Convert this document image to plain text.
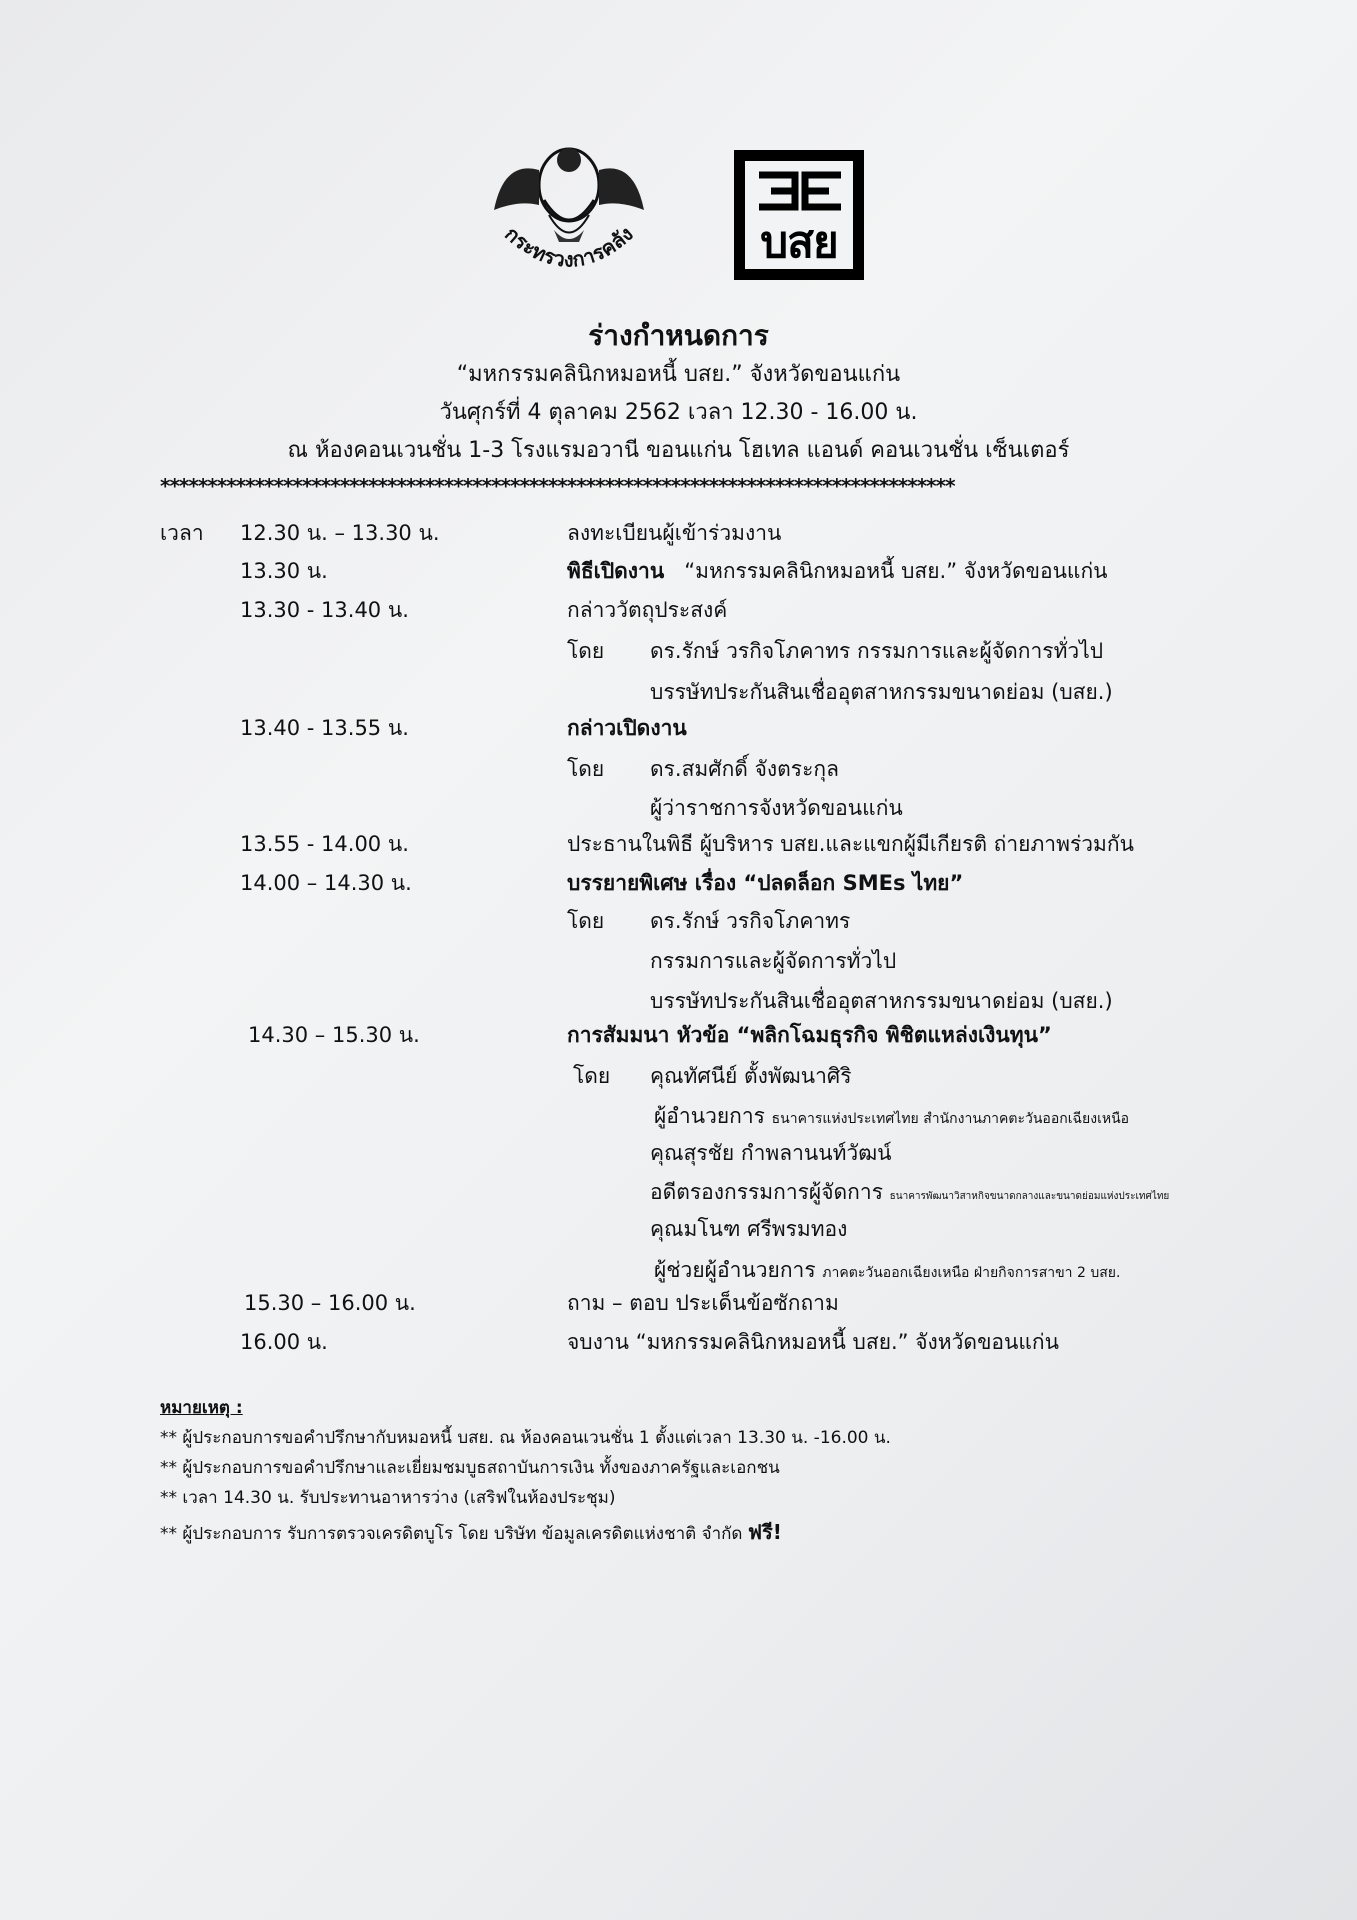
กระทรวงการคลัง	บสย
ร่างกำหนดการ
“มหกรรมคลินิกหมอหนี้ บสย.” จังหวัดขอนแก่น
วันศุกร์ที่ 4 ตุลาคม 2562 เวลา 12.30 - 16.00 น.
ณ ห้องคอนเวนชั่น 1-3 โรงแรมอวานี ขอนแก่น โฮเทล แอนด์ คอนเวนชั่น เซ็นเตอร์
************************************************************************************
เวลา 12.30 น. – 13.30 น.	ลงทะเบียนผู้เข้าร่วมงาน
13.30 น.	พิธีเปิดงาน “มหกรรมคลินิกหมอหนี้ บสย.” จังหวัดขอนแก่น
13.30 - 13.40 น.	กล่าววัตถุประสงค์
โดย ดร.รักษ์ วรกิจโภคาทร กรรมการและผู้จัดการทั่วไป
บรรษัทประกันสินเชื่ออุตสาหกรรมขนาดย่อม (บสย.)
13.40 - 13.55 น.	กล่าวเปิดงาน
โดย ดร.สมศักดิ์ จังตระกุล
ผู้ว่าราชการจังหวัดขอนแก่น
13.55 - 14.00 น.	ประธานในพิธี ผู้บริหาร บสย.และแขกผู้มีเกียรติ ถ่ายภาพร่วมกัน
14.00 – 14.30 น.	บรรยายพิเศษ เรื่อง “ปลดล็อก SMEs ไทย”
โดย ดร.รักษ์ วรกิจโภคาทร
กรรมการและผู้จัดการทั่วไป
บรรษัทประกันสินเชื่ออุตสาหกรรมขนาดย่อม (บสย.)
14.30 – 15.30 น.	การสัมมนา หัวข้อ “พลิกโฉมธุรกิจ พิชิตแหล่งเงินทุน”
โดย คุณทัศนีย์ ตั้งพัฒนาศิริ
ผู้อำนวยการ ธนาคารแห่งประเทศไทย สำนักงานภาคตะวันออกเฉียงเหนือ
คุณสุรชัย กำพลานนท์วัฒน์
อดีตรองกรรมการผู้จัดการ ธนาคารพัฒนาวิสาหกิจขนาดกลางและขนาดย่อมแห่งประเทศไทย
คุณมโนฑ ศรีพรมทอง
ผู้ช่วยผู้อำนวยการ ภาคตะวันออกเฉียงเหนือ ฝ่ายกิจการสาขา 2 บสย.
15.30 – 16.00 น.	ถาม – ตอบ ประเด็นข้อซักถาม
16.00 น.	จบงาน “มหกรรมคลินิกหมอหนี้ บสย.” จังหวัดขอนแก่น
หมายเหตุ :
** ผู้ประกอบการขอคำปรึกษากับหมอหนี้ บสย. ณ ห้องคอนเวนชั่น 1 ตั้งแต่เวลา 13.30 น. -16.00 น.
** ผู้ประกอบการขอคำปรึกษาและเยี่ยมชมบูธสถาบันการเงิน ทั้งของภาครัฐและเอกชน
** เวลา 14.30 น. รับประทานอาหารว่าง (เสริฟในห้องประชุม)
** ผู้ประกอบการ รับการตรวจเครดิตบูโร โดย บริษัท ข้อมูลเครดิตแห่งชาติ จำกัด ฟรี!
